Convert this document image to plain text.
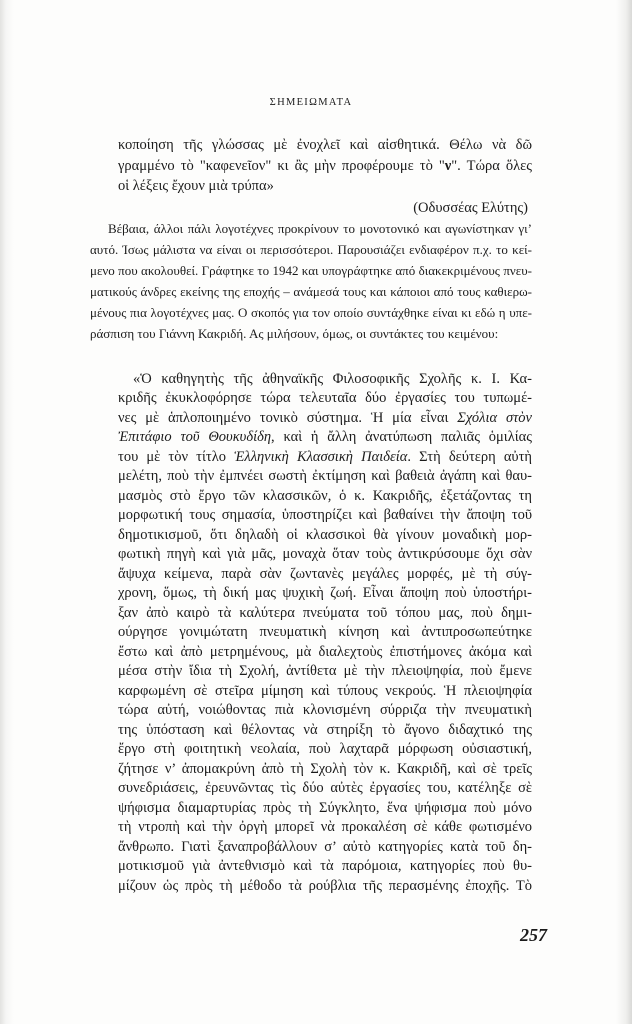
ΣΗΜΕΙΩΜΑΤΑ
κοποίηση τῆς γλώσσας μὲ ἐνοχλεῖ καὶ αἰσθητικά. Θέλω νὰ δῶ
γραμμένο τὸ "καφενεῖον" κι ἂς μὴν προφέρουμε τὸ "ν". Τώρα ὅλες
οἱ λέξεις ἔχουν μιὰ τρύπα»
(Οδυσσέας Ελύτης)
Βέβαια, άλλοι πάλι λογοτέχνες προκρίνουν το μονοτονικό και αγωνίστηκαν γι’
αυτό. Ίσως μάλιστα να είναι οι περισσότεροι. Παρουσιάζει ενδιαφέρον π.χ. το κεί-
μενο που ακολουθεί. Γράφτηκε το 1942 και υπογράφτηκε από διακεκριμένους πνευ-
ματικούς άνδρες εκείνης της εποχής – ανάμεσά τους και κάποιοι από τους καθιερω-
μένους πια λογοτέχνες μας. Ο σκοπός για τον οποίο συντάχθηκε είναι κι εδώ η υπε-
ράσπιση του Γιάννη Κακριδή. Ας μιλήσουν, όμως, οι συντάκτες του κειμένου:
«Ὁ καθηγητὴς τῆς ἀθηναϊκῆς Φιλοσοφικῆς Σχολῆς κ. Ι. Κα-
κριδῆς ἐκυκλοφόρησε τώρα τελευταῖα δύο ἐργασίες του τυπωμέ-
νες μὲ ἁπλοποιημένο τονικὸ σύστημα. Ἡ μία εἶναι Σχόλια στὸν
Ἐπιτάφιο τοῦ Θουκυδίδη, καὶ ἡ ἄλλη ἀνατύπωση παλιᾶς ὁμιλίας
του μὲ τὸν τίτλο Ἑλληνικὴ Κλασσικὴ Παιδεία. Στὴ δεύτερη αὐτὴ
μελέτη, ποὺ τὴν ἐμπνέει σωστὴ ἐκτίμηση καὶ βαθειὰ ἀγάπη καὶ θαυ-
μασμὸς στὸ ἔργο τῶν κλασσικῶν, ὁ κ. Κακριδῆς, ἐξετάζοντας τη
μορφωτική τους σημασία, ὑποστηρίζει καὶ βαθαίνει τὴν ἄποψη τοῦ
δημοτικισμοῦ, ὅτι δηλαδὴ οἱ κλασσικοὶ θὰ γίνουν μοναδικὴ μορ-
φωτικὴ πηγὴ καὶ γιὰ μᾶς, μοναχὰ ὅταν τοὺς ἀντικρύσουμε ὄχι σὰν
ἄψυχα κείμενα, παρὰ σὰν ζωντανὲς μεγάλες μορφές, μὲ τὴ σύγ-
χρονη, ὅμως, τὴ δική μας ψυχικὴ ζωή. Εἶναι ἄποψη ποὺ ὑποστήρι-
ξαν ἀπὸ καιρὸ τὰ καλύτερα πνεύματα τοῦ τόπου μας, ποὺ δημι-
ούργησε γονιμώτατη πνευματικὴ κίνηση καὶ ἀντιπροσωπεύτηκε
ἔστω καὶ ἀπὸ μετρημένους, μὰ διαλεχτοὺς ἐπιστήμονες ἀκόμα καὶ
μέσα στὴν ἴδια τὴ Σχολή, ἀντίθετα μὲ τὴν πλειοψηφία, ποὺ ἔμενε
καρφωμένη σὲ στεῖρα μίμηση καὶ τύπους νεκρούς. Ἡ πλειοψηφία
τώρα αὐτή, νοιώθοντας πιὰ κλονισμένη σύρριζα τὴν πνευματικὴ
της ὑπόσταση καὶ θέλοντας νὰ στηρίξη τὸ ἄγονο διδαχτικό της
ἔργο στὴ φοιτητικὴ νεολαία, ποὺ λαχταρᾶ μόρφωση οὐσιαστική,
ζήτησε ν’ ἀπομακρύνη ἀπὸ τὴ Σχολὴ τὸν κ. Κακριδῆ, καὶ σὲ τρεῖς
συνεδριάσεις, ἐρευνῶντας τὶς δύο αὐτὲς ἐργασίες του, κατέληξε σὲ
ψήφισμα διαμαρτυρίας πρὸς τὴ Σύγκλητο, ἕνα ψήφισμα ποὺ μόνο
τὴ ντροπὴ καὶ τὴν ὀργὴ μπορεῖ νὰ προκαλέση σὲ κάθε φωτισμένο
ἄνθρωπο. Γιατὶ ξαναπροβάλλουν σ’ αὐτὸ κατηγορίες κατὰ τοῦ δη-
μοτικισμοῦ γιὰ ἀντεθνισμὸ καὶ τὰ παρόμοια, κατηγορίες ποὺ θυ-
μίζουν ὡς πρὸς τὴ μέθοδο τὰ ρούβλια τῆς περασμένης ἐποχῆς. Τὸ
257
